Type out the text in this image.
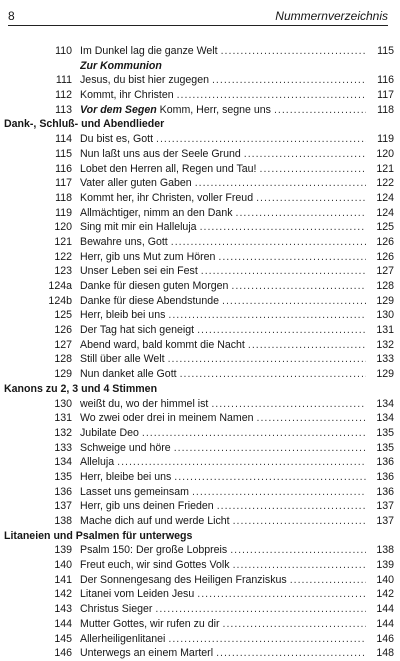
8	Nummernverzeichnis
110 Im Dunkel lag die ganze Welt .....	115
Zur Kommunion
111 Jesus, du bist hier zugegen .....	116
112 Kommt, ihr Christen .....	117
113 Vor dem Segen Komm, Herr, segne uns .....	118
Dank-, Schluß- und Abendlieder
114 Du bist es, Gott .....	119
115 Nun laßt uns aus der Seele Grund .....	120
116 Lobet den Herren all, Regen und Tau! .....	121
117 Vater aller guten Gaben .....	122
118 Kommt her, ihr Christen, voller Freud .....	124
119 Allmächtiger, nimm an den Dank .....	124
120 Sing mit mir ein Halleluja .....	125
121 Bewahre uns, Gott .....	126
122 Herr, gib uns Mut zum Hören .....	126
123 Unser Leben sei ein Fest .....	127
124a Danke für diesen guten Morgen .....	128
124b Danke für diese Abendstunde .....	129
125 Herr, bleib bei uns .....	130
126 Der Tag hat sich geneigt .....	131
127 Abend ward, bald kommt die Nacht .....	132
128 Still über alle Welt .....	133
129 Nun danket alle Gott .....	129
Kanons zu 2, 3 und 4 Stimmen
130 weißt du, wo der himmel ist .....	134
131 Wo zwei oder drei in meinem Namen .....	134
132 Jubilate Deo .....	135
133 Schweige und höre .....	135
134 Alleluja .....	136
135 Herr, bleibe bei uns .....	136
136 Lasset uns gemeinsam .....	136
137 Herr, gib uns deinen Frieden .....	137
138 Mache dich auf und werde Licht .....	137
Litaneien und Psalmen für unterwegs
139 Psalm 150: Der große Lobpreis .....	138
140 Freut euch, wir sind Gottes Volk .....	139
141 Der Sonnengesang des Heiligen Franziskus .....	140
142 Litanei vom Leiden Jesu .....	142
143 Christus Sieger .....	144
144 Mutter Gottes, wir rufen zu dir .....	144
145 Allerheiligenlitanei .....	146
146 Unterwegs an einem Marterl .....	148
